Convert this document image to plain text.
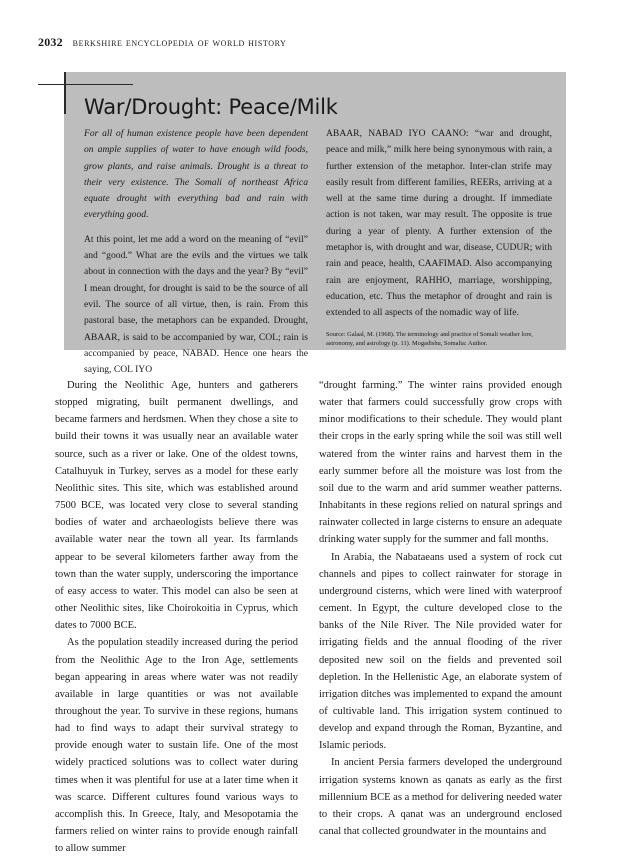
2032 berkshire encyclopedia of world history
War/Drought: Peace/Milk

For all of human existence people have been dependent on ample supplies of water to have enough wild foods, grow plants, and raise animals. Drought is a threat to their very existence. The Somali of northeast Africa equate drought with everything bad and rain with everything good.

At this point, let me add a word on the meaning of “evil” and “good.” What are the evils and the virtues we talk about in connection with the days and the year? By “evil” I mean drought, for drought is said to be the source of all evil. The source of all virtue, then, is rain. From this pastoral base, the metaphors can be expanded. Drought, ABAAR, is said to be accompanied by war, COL; rain is accompanied by peace, NABAD. Hence one hears the saying, COL IYO

ABAAR, NABAD IYO CAANO: “war and drought, peace and milk,” milk here being synonymous with rain, a further extension of the metaphor. Inter-clan strife may easily result from different families, REERs, arriving at a well at the same time during a drought. If immediate action is not taken, war may result. The opposite is true during a year of plenty. A further extension of the metaphor is, with drought and war, disease, CUDUR; with rain and peace, health, CAAFIMAD. Also accompanying rain are enjoyment, RAHHO, marriage, worshipping, education, etc. Thus the metaphor of drought and rain is extended to all aspects of the nomadic way of life.

Source: Galaal, M. (1968). The terminology and practice of Somali weather lore, astronomy, and astrology (p. 11). Mogadishu, Somalia: Author.

During the Neolithic Age, hunters and gatherers stopped migrating, built permanent dwellings, and became farmers and herdsmen. When they chose a site to build their towns it was usually near an available water source, such as a river or lake. One of the oldest towns, Catalhuyuk in Turkey, serves as a model for these early Neolithic sites. This site, which was established around 7500 BCE, was located very close to several standing bodies of water and archaeologists believe there was available water near the town all year. Its farmlands appear to be several kilometers farther away from the town than the water supply, underscoring the importance of easy access to water. This model can also be seen at other Neolithic sites, like Choirokoitia in Cyprus, which dates to 7000 BCE.

As the population steadily increased during the period from the Neolithic Age to the Iron Age, settlements began appearing in areas where water was not readily available in large quantities or was not available throughout the year. To survive in these regions, humans had to find ways to adapt their survival strategy to provide enough water to sustain life. One of the most widely practiced solutions was to collect water during times when it was plentiful for use at a later time when it was scarce. Different cultures found various ways to accomplish this. In Greece, Italy, and Mesopotamia the farmers relied on winter rains to provide enough rainfall to allow summer

“drought farming.” The winter rains provided enough water that farmers could successfully grow crops with minor modifications to their schedule. They would plant their crops in the early spring while the soil was still well watered from the winter rains and harvest them in the early summer before all the moisture was lost from the soil due to the warm and arid summer weather patterns. Inhabitants in these regions relied on natural springs and rainwater collected in large cisterns to ensure an adequate drinking water supply for the summer and fall months.

In Arabia, the Nabataeans used a system of rock cut channels and pipes to collect rainwater for storage in underground cisterns, which were lined with waterproof cement. In Egypt, the culture developed close to the banks of the Nile River. The Nile provided water for irrigating fields and the annual flooding of the river deposited new soil on the fields and prevented soil depletion. In the Hellenistic Age, an elaborate system of irrigation ditches was implemented to expand the amount of cultivable land. This irrigation system continued to develop and expand through the Roman, Byzantine, and Islamic periods.

In ancient Persia farmers developed the underground irrigation systems known as qanats as early as the first millennium BCE as a method for delivering needed water to their crops. A qanat was an underground enclosed canal that collected groundwater in the mountains and
